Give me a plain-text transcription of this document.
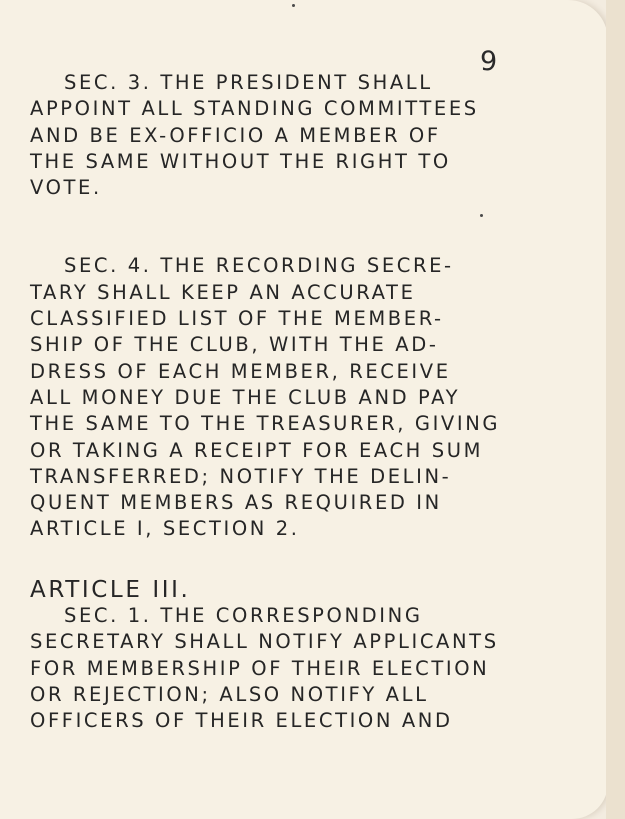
9
SEC. 3. THE PRESIDENT SHALL
APPOINT ALL STANDING COMMITTEES
AND BE EX-OFFICIO A MEMBER OF
THE SAME WITHOUT THE RIGHT TO
VOTE.
SEC. 4. THE RECORDING SECRE-
TARY SHALL KEEP AN ACCURATE
CLASSIFIED LIST OF THE MEMBER-
SHIP OF THE CLUB, WITH THE AD-
DRESS OF EACH MEMBER, RECEIVE
ALL MONEY DUE THE CLUB AND PAY
THE SAME TO THE TREASURER, GIVING
OR TAKING A RECEIPT FOR EACH SUM
TRANSFERRED; NOTIFY THE DELIN-
QUENT MEMBERS AS REQUIRED IN
ARTICLE I, SECTION 2.
ARTICLE III.
SEC. 1. THE CORRESPONDING
SECRETARY SHALL NOTIFY APPLICANTS
FOR MEMBERSHIP OF THEIR ELECTION
OR REJECTION; ALSO NOTIFY ALL
OFFICERS OF THEIR ELECTION AND
